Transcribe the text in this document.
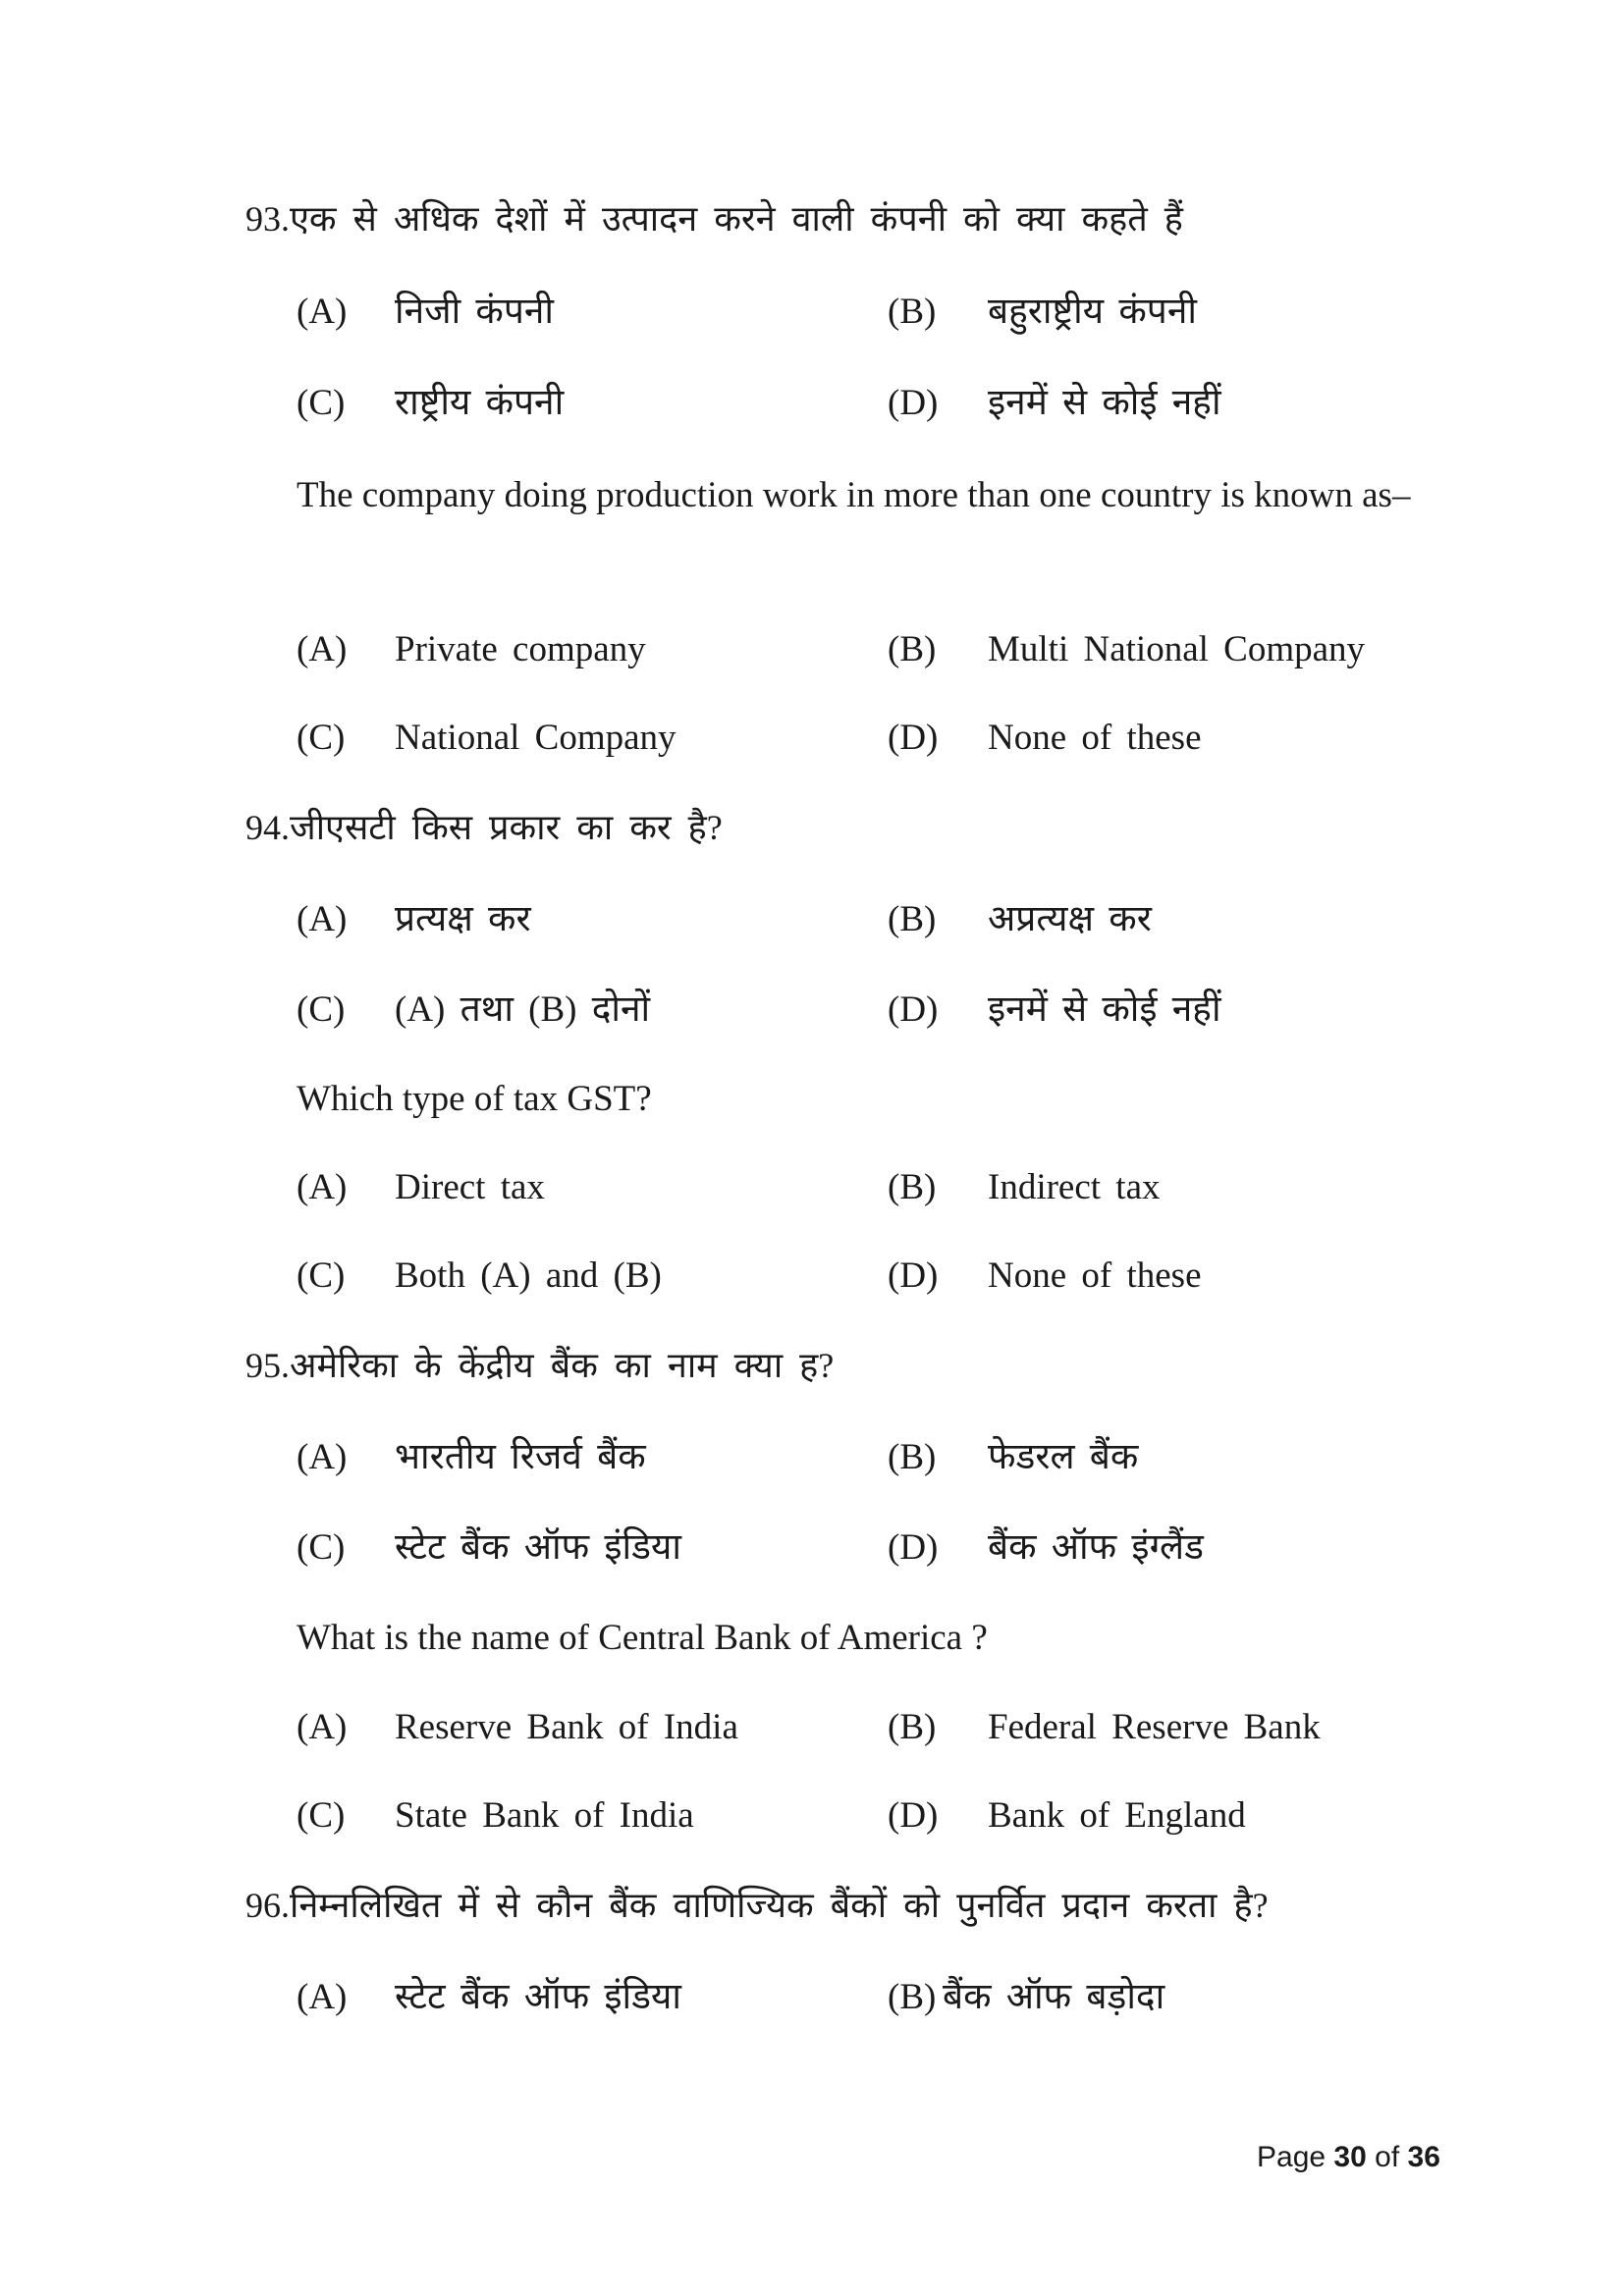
93.एक से अधिक देशों में उत्पादन करने वाली कंपनी को क्या कहते हैं
(A) निजी कंपनी	(B) बहुराष्ट्रीय कंपनी
(C) राष्ट्रीय कंपनी	(D) इनमें से कोई नहीं
The company doing production work in more than one country is known as–
(A) Private company	(B) Multi National Company
(C) National Company	(D) None of these
94.जीएसटी किस प्रकार का कर है?
(A) प्रत्यक्ष कर	(B) अप्रत्यक्ष कर
(C) (A) तथा (B) दोनों	(D) इनमें से कोई नहीं
Which type of tax GST?
(A) Direct tax	(B) Indirect tax
(C) Both (A) and (B)	(D) None of these
95.अमेरिका के केंद्रीय बैंक का नाम क्या ह?
(A) भारतीय रिजर्व बैंक	(B) फेडरल बैंक
(C) स्टेट बैंक ऑफ इंडिया	(D) बैंक ऑफ इंग्लैंड
What is the name of Central Bank of America ?
(A) Reserve Bank of India	(B) Federal Reserve Bank
(C) State Bank of India	(D) Bank of England
96.निम्नलिखित में से कौन बैंक वाणिज्यिक बैंकों को पुनर्वित प्रदान करता है?
(A) स्टेट बैंक ऑफ इंडिया	(B) बैंक ऑफ बड़ोदा
Page 30 of 36
